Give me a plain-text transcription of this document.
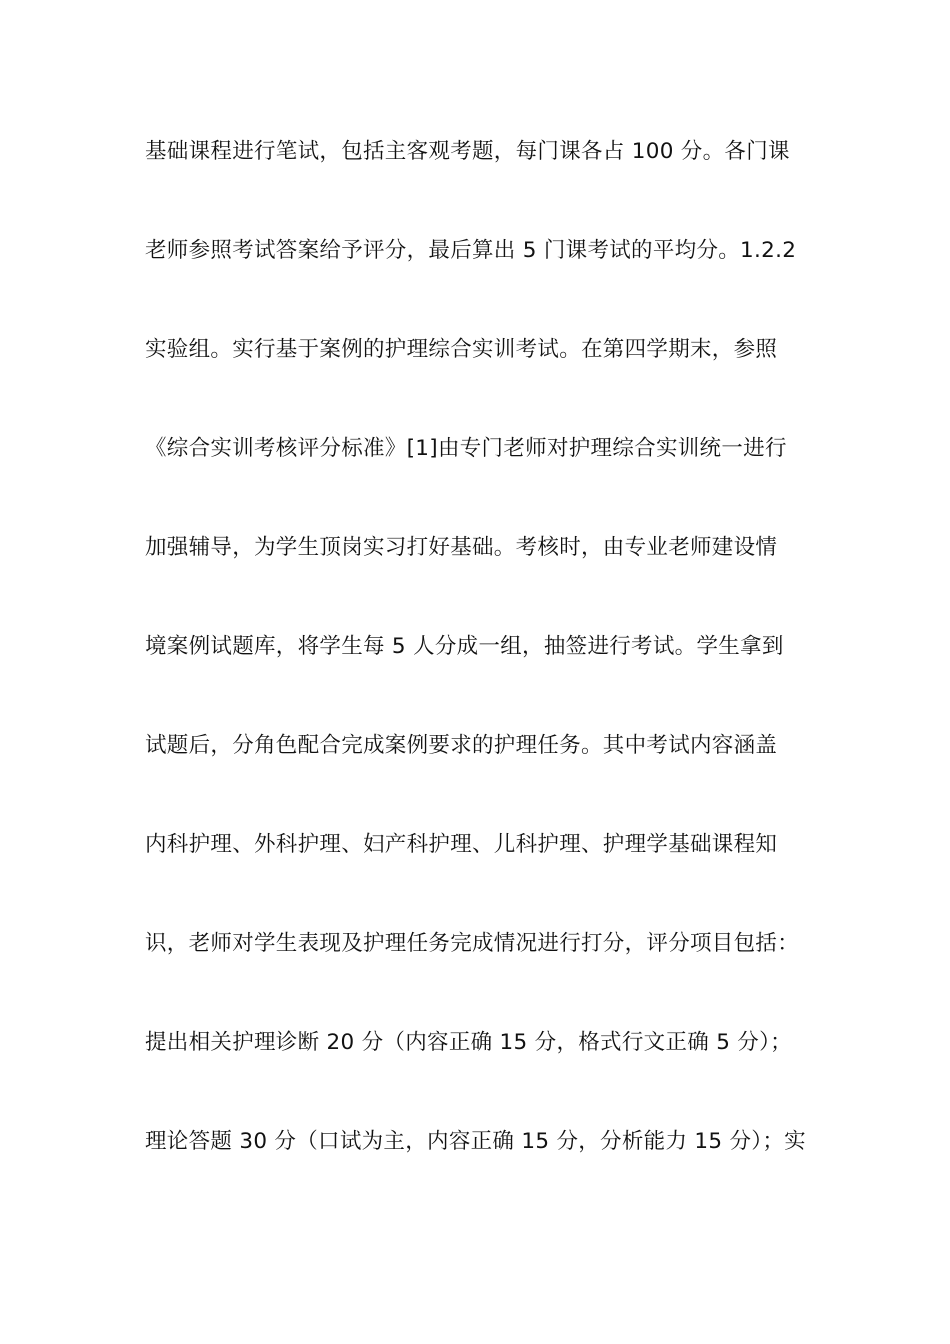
基础课程进行笔试，包括主客观考题，每门课各占 100 分。各门课
老师参照考试答案给予评分，最后算出 5 门课考试的平均分。1.2.2
实验组。实行基于案例的护理综合实训考试。在第四学期末，参照
《综合实训考核评分标准》[1]由专门老师对护理综合实训统一进行
加强辅导，为学生顶岗实习打好基础。考核时，由专业老师建设情
境案例试题库，将学生每 5 人分成一组，抽签进行考试。学生拿到
试题后，分角色配合完成案例要求的护理任务。其中考试内容涵盖
内科护理、外科护理、妇产科护理、儿科护理、护理学基础课程知
识，老师对学生表现及护理任务完成情况进行打分，评分项目包括：
提出相关护理诊断 20 分（内容正确 15 分，格式行文正确 5 分）；
理论答题 30 分（口试为主，内容正确 15 分，分析能力 15 分）；实
